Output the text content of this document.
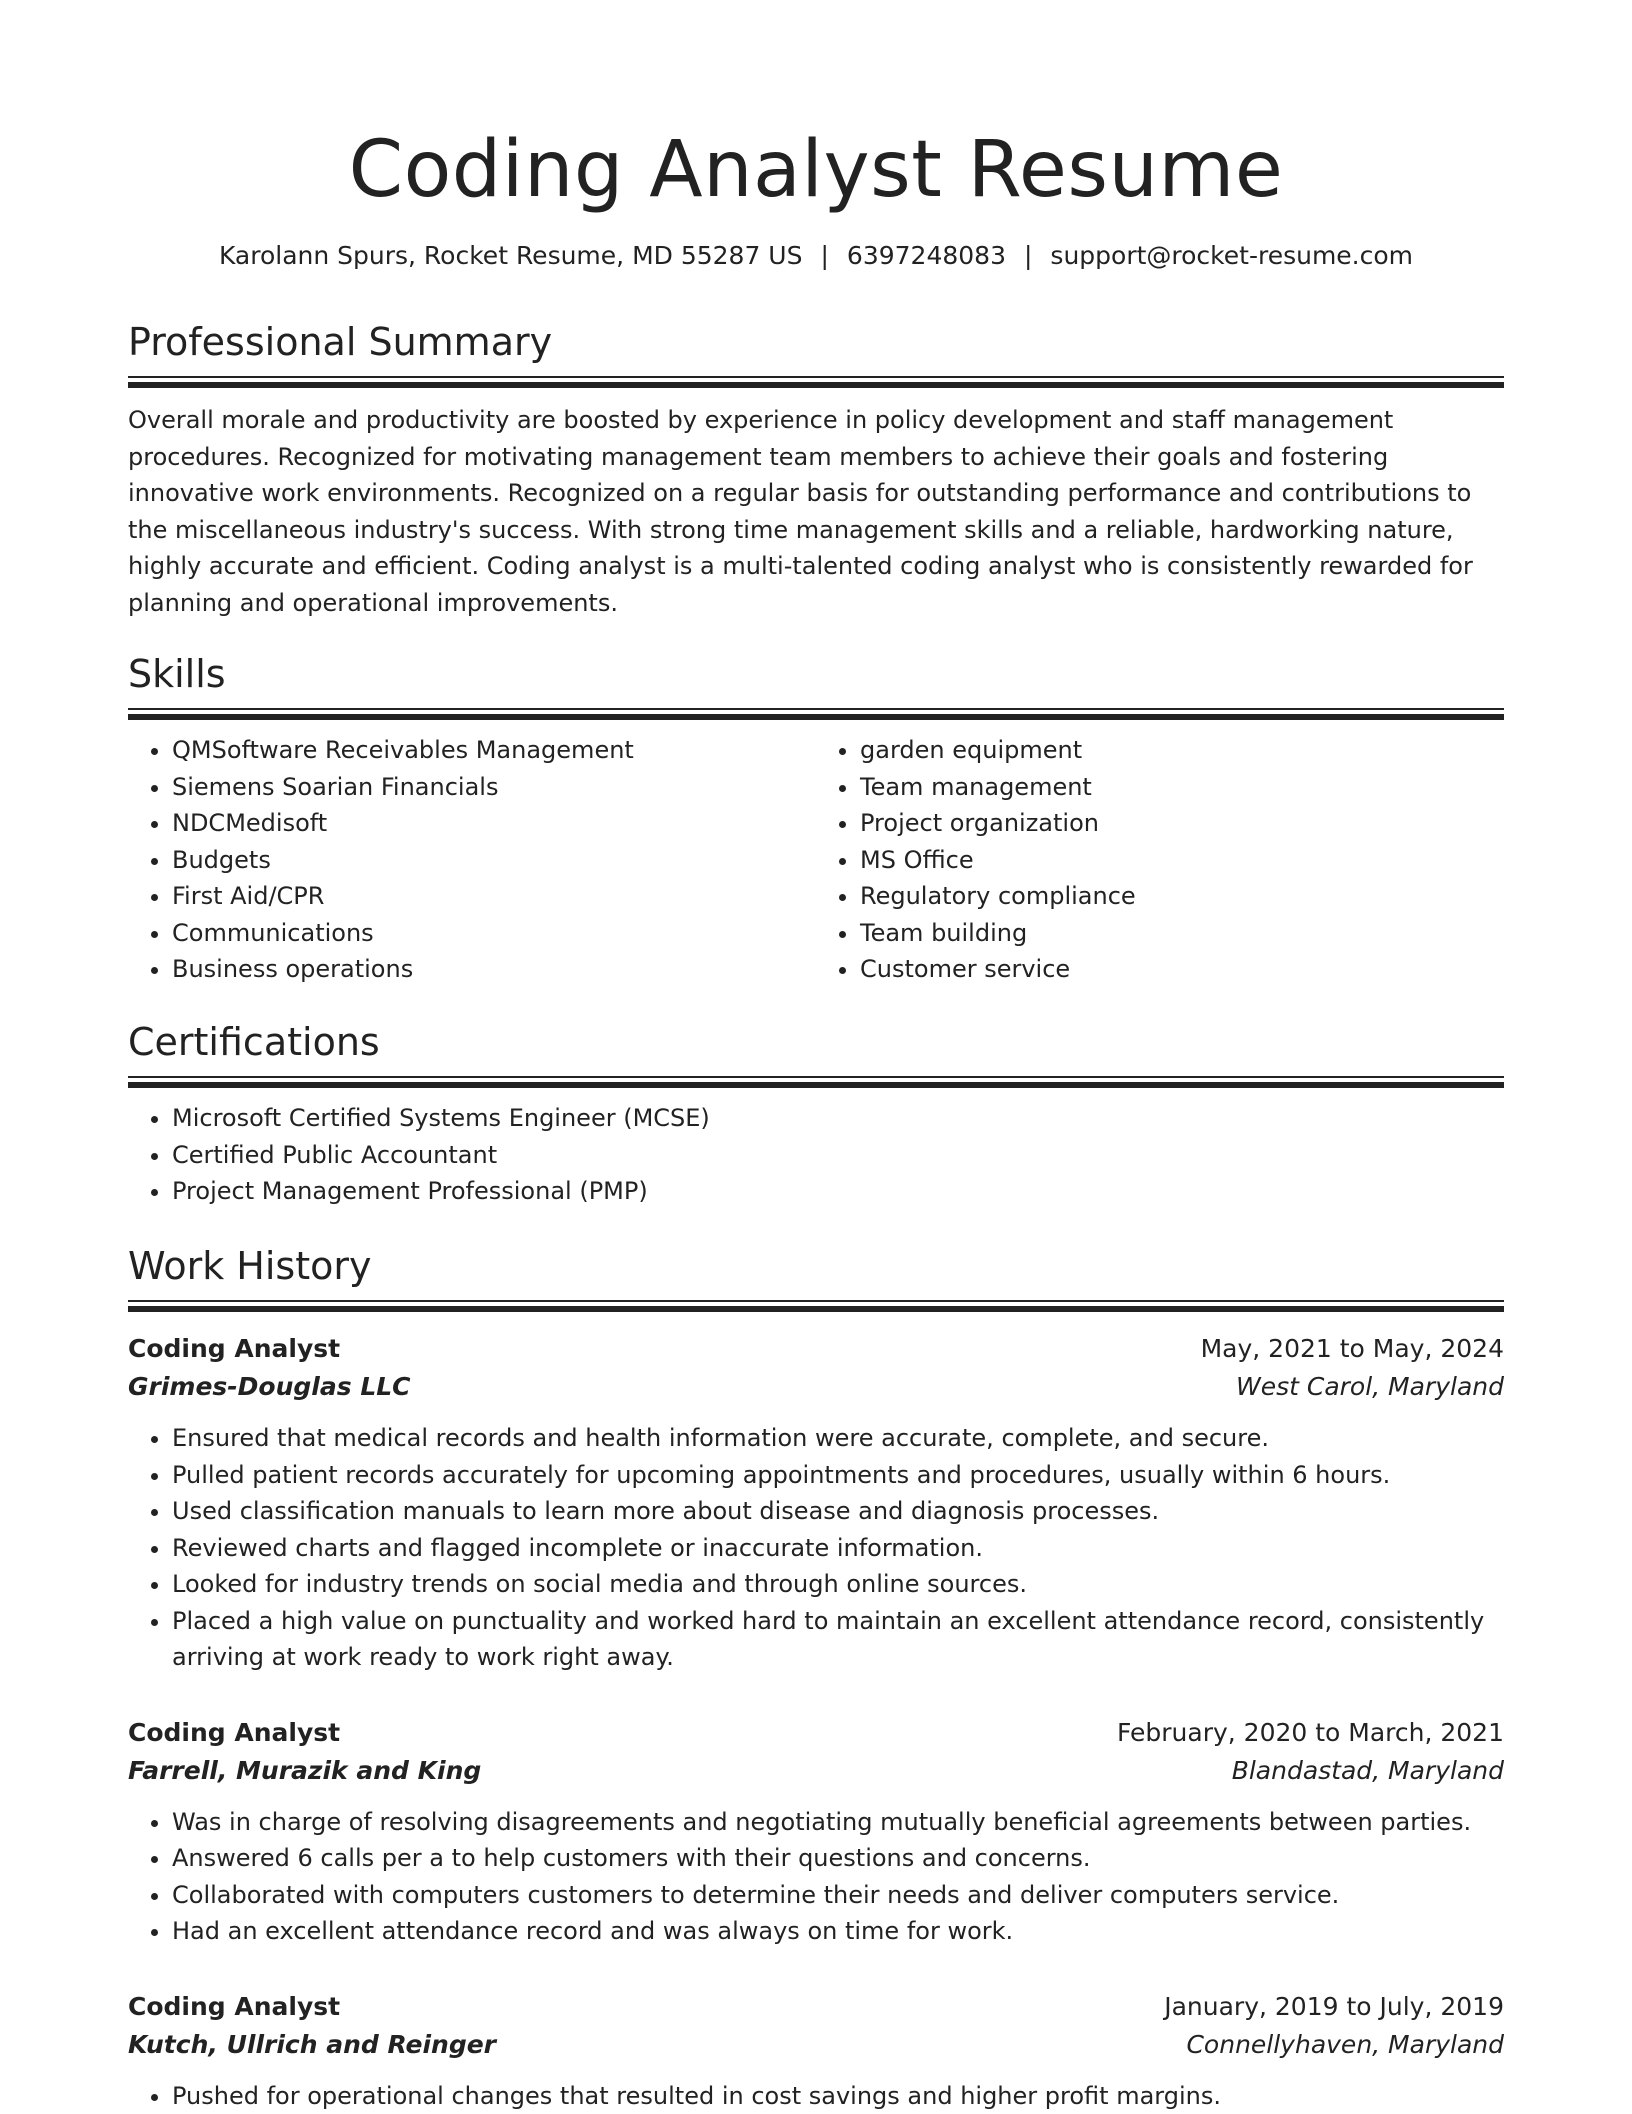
Coding Analyst Resume
Karolann Spurs, Rocket Resume, MD 55287 US | 6397248083 | support@rocket-resume.com
Professional Summary

Overall morale and productivity are boosted by experience in policy development and staff management procedures. Recognized for motivating management team members to achieve their goals and fostering innovative work environments. Recognized on a regular basis for outstanding performance and contributions to the miscellaneous industry's success. With strong time management skills and a reliable, hardworking nature, highly accurate and efficient. Coding analyst is a multi-talented coding analyst who is consistently rewarded for planning and operational improvements.

Skills
• QMSoftware Receivables Management
• Siemens Soarian Financials
• NDCMedisoft
• Budgets
• First Aid/CPR
• Communications
• Business operations
• garden equipment
• Team management
• Project organization
• MS Office
• Regulatory compliance
• Team building
• Customer service
Certifications
• Microsoft Certified Systems Engineer (MCSE)
• Certified Public Accountant
• Project Management Professional (PMP)
Work History
Coding Analyst	May, 2021 to May, 2024
Grimes-Douglas LLC	West Carol, Maryland
• Ensured that medical records and health information were accurate, complete, and secure.
• Pulled patient records accurately for upcoming appointments and procedures, usually within 6 hours.
• Used classification manuals to learn more about disease and diagnosis processes.
• Reviewed charts and flagged incomplete or inaccurate information.
• Looked for industry trends on social media and through online sources.
• Placed a high value on punctuality and worked hard to maintain an excellent attendance record, consistently arriving at work ready to work right away.
Coding Analyst	February, 2020 to March, 2021
Farrell, Murazik and King	Blandastad, Maryland
• Was in charge of resolving disagreements and negotiating mutually beneficial agreements between parties.
• Answered 6 calls per a to help customers with their questions and concerns.
• Collaborated with computers customers to determine their needs and deliver computers service.
• Had an excellent attendance record and was always on time for work.
Coding Analyst	January, 2019 to July, 2019
Kutch, Ullrich and Reinger	Connellyhaven, Maryland
• Pushed for operational changes that resulted in cost savings and higher profit margins.
